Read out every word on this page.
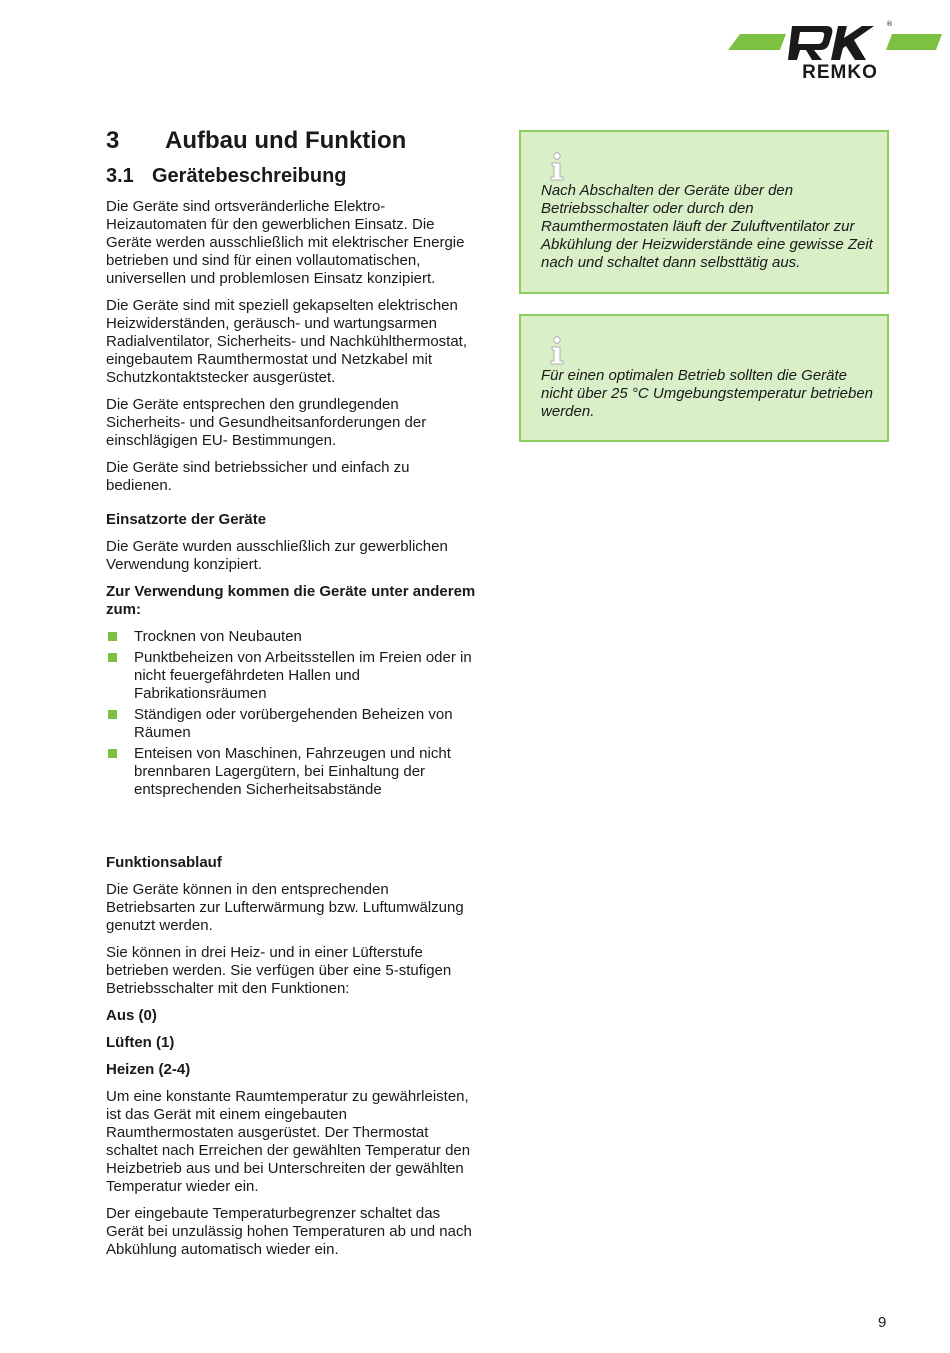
®
REMKO
3 Aufbau und Funktion
3.1 Gerätebeschreibung

Die Geräte sind ortsveränderliche Elektro-Heizautomaten für den gewerblichen Einsatz. Die Geräte werden ausschließlich mit elektrischer Energie betrieben und sind für einen vollautomatischen, universellen und problemlosen Einsatz konzipiert.

Die Geräte sind mit speziell gekapselten elektrischen Heizwiderständen, geräusch- und wartungsarmen Radialventilator, Sicherheits- und Nachkühlthermostat, eingebautem Raumthermostat und Netzkabel mit Schutzkontaktstecker ausgerüstet.

Die Geräte entsprechen den grundlegenden Sicherheits- und Gesundheitsanforderungen der einschlägigen EU- Bestimmungen.

Die Geräte sind betriebssicher und einfach zu bedienen.

Einsatzorte der Geräte

Die Geräte wurden ausschließlich zur gewerblichen Verwendung konzipiert.

Zur Verwendung kommen die Geräte unter anderem zum:

Trocknen von Neubauten
Punktbeheizen von Arbeitsstellen im Freien oder in nicht feuergefährdeten Hallen und Fabrikationsräumen
Ständigen oder vorübergehenden Beheizen von Räumen
Enteisen von Maschinen, Fahrzeugen und nicht brennbaren Lagergütern, bei Einhaltung der entsprechenden Sicherheitsabstände

Funktionsablauf

Die Geräte können in den entsprechenden Betriebsarten zur Lufterwärmung bzw. Luftumwälzung genutzt werden.

Sie können in drei Heiz- und in einer Lüfterstufe betrieben werden. Sie verfügen über eine 5-stufigen Betriebsschalter mit den Funktionen:

Aus (0)

Lüften (1)

Heizen (2-4)

Um eine konstante Raumtemperatur zu gewährleisten, ist das Gerät mit einem eingebauten Raumthermostaten ausgerüstet. Der Thermostat schaltet nach Erreichen der gewählten Temperatur den Heizbetrieb aus und bei Unterschreiten der gewählten Temperatur wieder ein.

Der eingebaute Temperaturbegrenzer schaltet das Gerät bei unzulässig hohen Temperaturen ab und nach Abkühlung automatisch wieder ein.

Nach Abschalten der Geräte über den Betriebsschalter oder durch den Raumthermostaten läuft der Zuluftventilator zur Abkühlung der Heizwiderstände eine gewisse Zeit nach und schaltet dann selbsttätig aus.

Für einen optimalen Betrieb sollten die Geräte nicht über 25 °C Umgebungstemperatur betrieben werden.

9
